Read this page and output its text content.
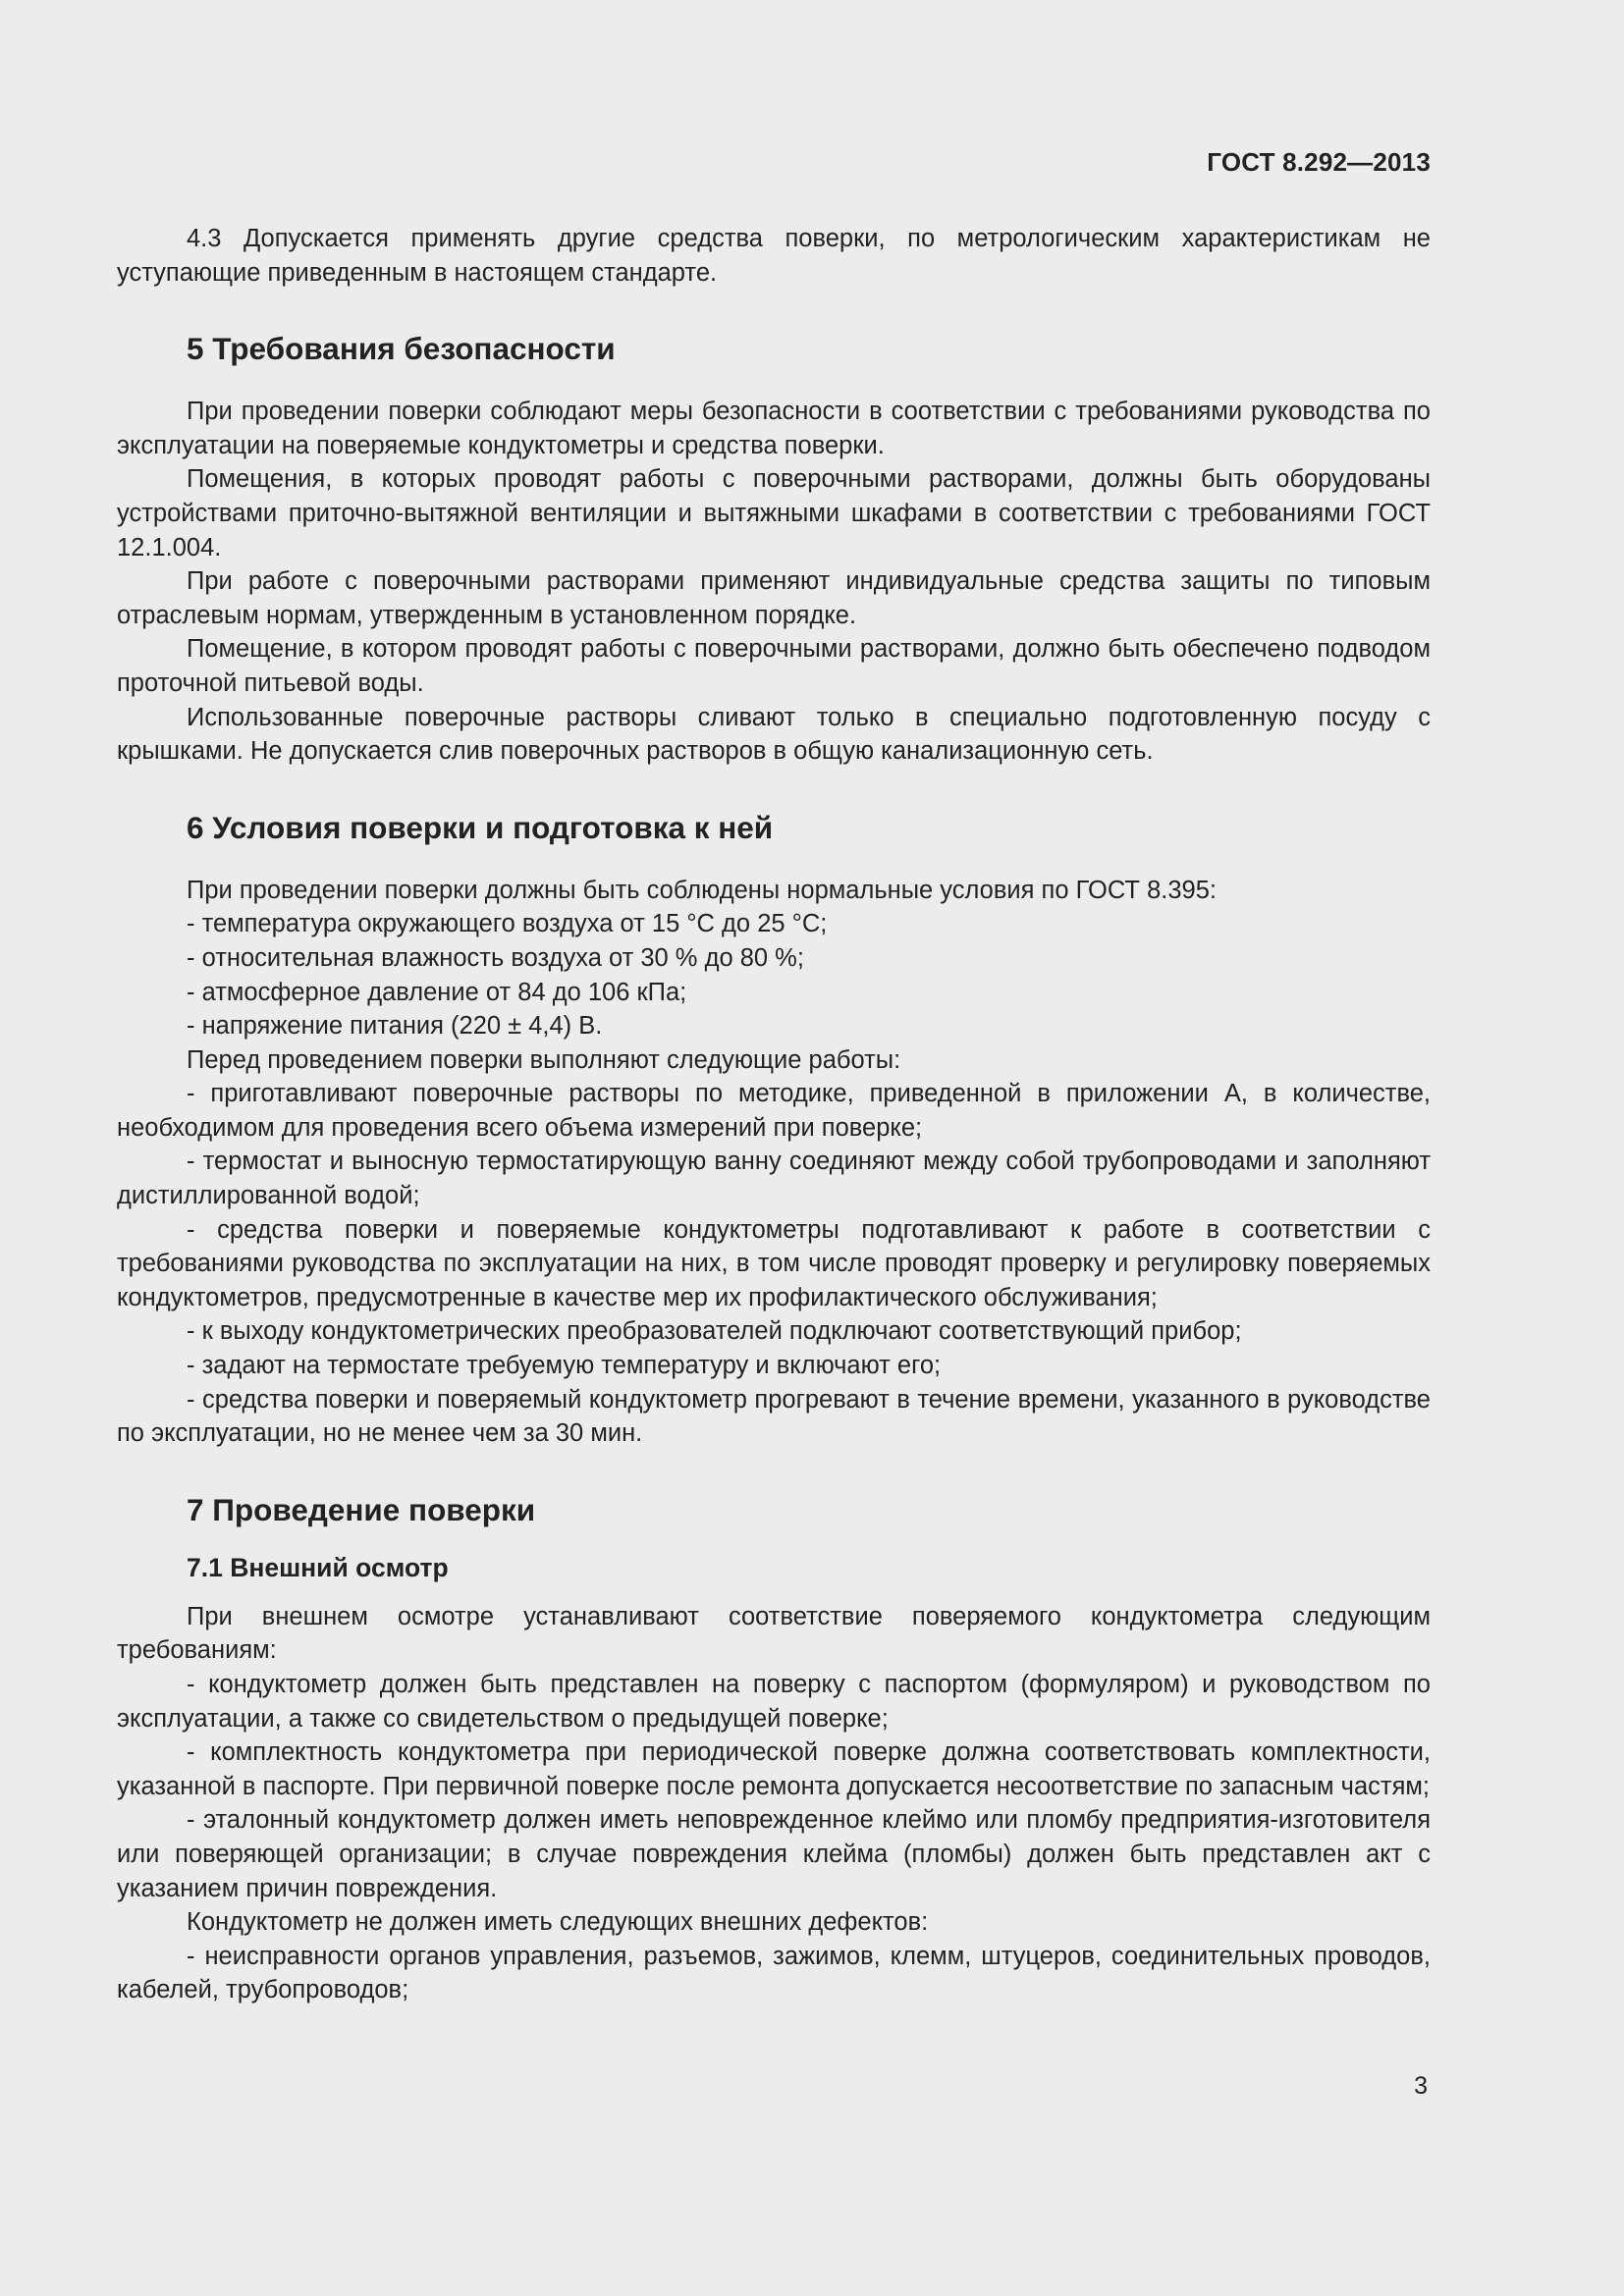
ГОСТ 8.292—2013

4.3 Допускается применять другие средства поверки, по метрологическим характеристикам не уступающие приведенным в настоящем стандарте.

5 Требования безопасности

При проведении поверки соблюдают меры безопасности в соответствии с требованиями руководства по эксплуатации на поверяемые кондуктометры и средства поверки.

Помещения, в которых проводят работы с поверочными растворами, должны быть оборудованы устройствами приточно-вытяжной вентиляции и вытяжными шкафами в соответствии с требованиями ГОСТ 12.1.004.

При работе с поверочными растворами применяют индивидуальные средства защиты по типовым отраслевым нормам, утвержденным в установленном порядке.

Помещение, в котором проводят работы с поверочными растворами, должно быть обеспечено подводом проточной питьевой воды.

Использованные поверочные растворы сливают только в специально подготовленную посуду с крышками. Не допускается слив поверочных растворов в общую канализационную сеть.

6 Условия поверки и подготовка к ней

При проведении поверки должны быть соблюдены нормальные условия по ГОСТ 8.395:

- температура окружающего воздуха от 15 °С до 25 °С;

- относительная влажность воздуха от 30 % до 80 %;

- атмосферное давление от 84 до 106 кПа;

- напряжение питания (220 ± 4,4) В.

Перед проведением поверки выполняют следующие работы:

- приготавливают поверочные растворы по методике, приведенной в приложении А, в количестве, необходимом для проведения всего объема измерений при поверке;

- термостат и выносную термостатирующую ванну соединяют между собой трубопроводами и заполняют дистиллированной водой;

- средства поверки и поверяемые кондуктометры подготавливают к работе в соответствии с требованиями руководства по эксплуатации на них, в том числе проводят проверку и регулировку поверяемых кондуктометров, предусмотренные в качестве мер их профилактического обслуживания;

- к выходу кондуктометрических преобразователей подключают соответствующий прибор;

- задают на термостате требуемую температуру и включают его;

- средства поверки и поверяемый кондуктометр прогревают в течение времени, указанного в руководстве по эксплуатации, но не менее чем за 30 мин.

7 Проведение поверки
7.1 Внешний осмотр

При внешнем осмотре устанавливают соответствие поверяемого кондуктометра следующим требованиям:

- кондуктометр должен быть представлен на поверку с паспортом (формуляром) и руководством по эксплуатации, а также со свидетельством о предыдущей поверке;

- комплектность кондуктометра при периодической поверке должна соответствовать комплектности, указанной в паспорте. При первичной поверке после ремонта допускается несоответствие по запасным частям;

- эталонный кондуктометр должен иметь неповрежденное клеймо или пломбу предприятия-изготовителя или поверяющей организации; в случае повреждения клейма (пломбы) должен быть представлен акт с указанием причин повреждения.

Кондуктометр не должен иметь следующих внешних дефектов:

- неисправности органов управления, разъемов, зажимов, клемм, штуцеров, соединительных проводов, кабелей, трубопроводов;

3
